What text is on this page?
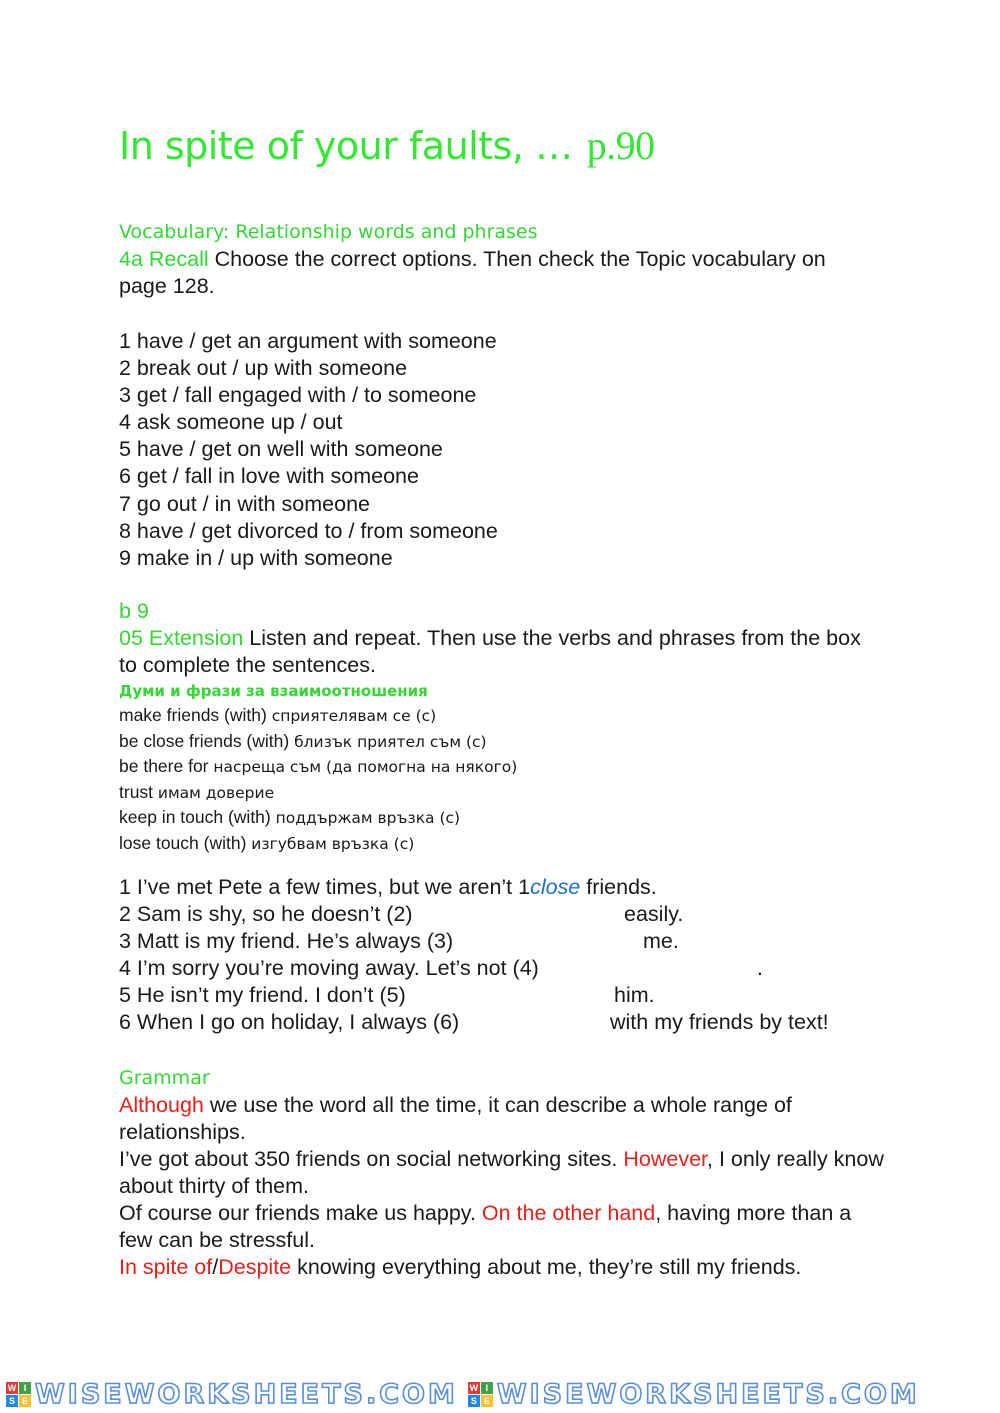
In spite of your faults, … p.90
Vocabulary: Relationship words and phrases
4a Recall Choose the correct options. Then check the Topic vocabulary on page 128.
1 have / get an argument with someone
2 break out / up with someone
3 get / fall engaged with / to someone
4 ask someone up / out
5 have / get on well with someone
6 get / fall in love with someone
7 go out / in with someone
8 have / get divorced to / from someone
9 make in / up with someone
b 9
05 Extension Listen and repeat. Then use the verbs and phrases from the box to complete the sentences.
Думи и фрази за взаимоотношения
make friends (with) сприятелявам се (с)
be close friends (with) близък приятел съм (с)
be there for насреща съм (да помогна на някого)
trust имам доверие
keep in touch (with) поддържам връзка (с)
lose touch (with) изгубвам връзка (с)
1 I’ve met Pete a few times, but we aren’t 1close friends.
2 Sam is shy, so he doesn’t (2)	easily.
3 Matt is my friend. He’s always (3)	me.
4 I’m sorry you’re moving away. Let’s not (4)	.
5 He isn’t my friend. I don’t (5)	him.
6 When I go on holiday, I always (6)	with my friends by text!
Grammar
Although we use the word all the time, it can describe a whole range of relationships.
I’ve got about 350 friends on social networking sites. However, I only really know about thirty of them.
Of course our friends make us happy. On the other hand, having more than a few can be stressful.
In spite of/Despite knowing everything about me, they’re still my friends.
W I
S E WISEWORKSHEETS.COM W I
S E WISEWORKSHEETS.COM
